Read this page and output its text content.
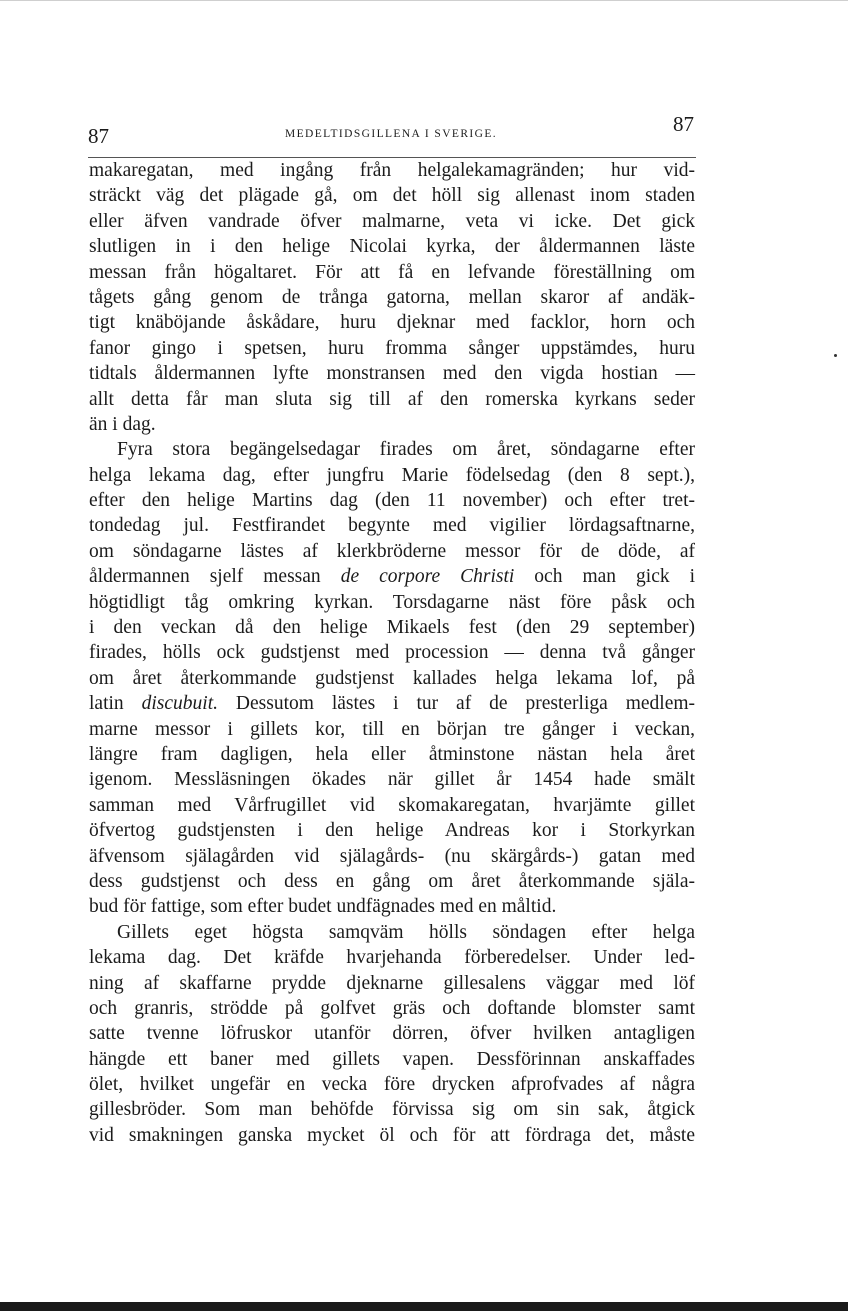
87	MEDELTIDSGILLENA I SVERIGE.	87
makaregatan, med ingång från helgalekamagränden; hur vid-
sträckt väg det plägade gå, om det höll sig allenast inom staden
eller äfven vandrade öfver malmarne, veta vi icke. Det gick
slutligen in i den helige Nicolai kyrka, der åldermannen läste
messan från högaltaret. För att få en lefvande föreställning om
tågets gång genom de trånga gatorna, mellan skaror af andäk-
tigt knäböjande åskådare, huru djeknar med facklor, horn och
fanor gingo i spetsen, huru fromma sånger uppstämdes, huru
tidtals åldermannen lyfte monstransen med den vigda hostian —
allt detta får man sluta sig till af den romerska kyrkans seder
än i dag.
Fyra stora begängelsedagar firades om året, söndagarne efter
helga lekama dag, efter jungfru Marie födelsedag (den 8 sept.),
efter den helige Martins dag (den 11 november) och efter tret-
tondedag jul. Festfirandet begynte med vigilier lördagsaftnarne,
om söndagarne lästes af klerkbröderne messor för de döde, af
åldermannen sjelf messan de corpore Christi och man gick i
högtidligt tåg omkring kyrkan. Torsdagarne näst före påsk och
i den veckan då den helige Mikaels fest (den 29 september)
firades, hölls ock gudstjenst med procession — denna två gånger
om året återkommande gudstjenst kallades helga lekama lof, på
latin discubuit. Dessutom lästes i tur af de presterliga medlem-
marne messor i gillets kor, till en början tre gånger i veckan,
längre fram dagligen, hela eller åtminstone nästan hela året
igenom. Messläsningen ökades när gillet år 1454 hade smält
samman med Vårfrugillet vid skomakaregatan, hvarjämte gillet
öfvertog gudstjensten i den helige Andreas kor i Storkyrkan
äfvensom själagården vid själagårds- (nu skärgårds-) gatan med
dess gudstjenst och dess en gång om året återkommande själa-
bud för fattige, som efter budet undfägnades med en måltid.
Gillets eget högsta samqväm hölls söndagen efter helga
lekama dag. Det kräfde hvarjehanda förberedelser. Under led-
ning af skaffarne prydde djeknarne gillesalens väggar med löf
och granris, strödde på golfvet gräs och doftande blomster samt
satte tvenne löfruskor utanför dörren, öfver hvilken antagligen
hängde ett baner med gillets vapen. Dessförinnan anskaffades
ölet, hvilket ungefär en vecka före drycken afprofvades af några
gillesbröder. Som man behöfde förvissa sig om sin sak, åtgick
vid smakningen ganska mycket öl och för att fördraga det, måste
